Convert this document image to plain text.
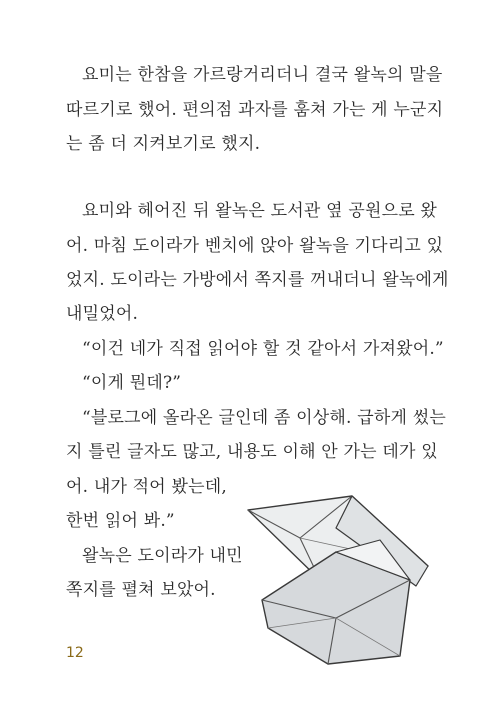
요미는 한참을 가르랑거리더니 결국 왈녹의 말을
따르기로 했어. 편의점 과자를 훔쳐 가는 게 누군지
는 좀 더 지켜보기로 했지.
요미와 헤어진 뒤 왈녹은 도서관 옆 공원으로 왔
어. 마침 도이라가 벤치에 앉아 왈녹을 기다리고 있
었지. 도이라는 가방에서 쪽지를 꺼내더니 왈녹에게
내밀었어.
“이건 네가 직접 읽어야 할 것 같아서 가져왔어.”
“이게 뭔데?”
“블로그에 올라온 글인데 좀 이상해. 급하게 썼는
지 틀린 글자도 많고, 내용도 이해 안 가는 데가 있
어. 내가 적어 봤는데,
한번 읽어 봐.”
왈녹은 도이라가 내민
쪽지를 펼쳐 보았어.
12
